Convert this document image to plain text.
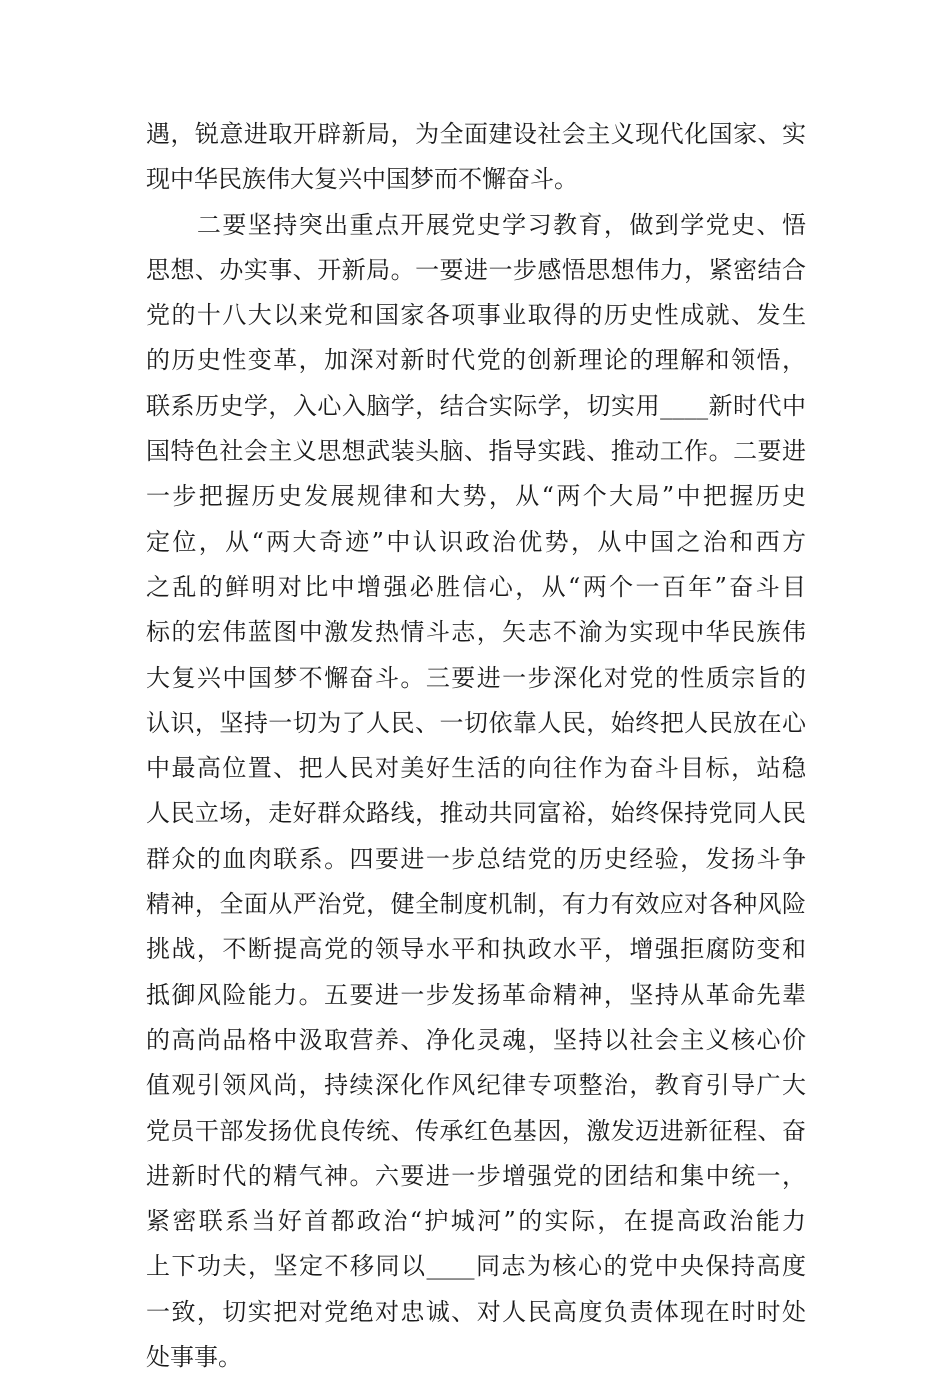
遇，锐意进取开辟新局，为全面建设社会主义现代化国家、实
现中华民族伟大复兴中国梦而不懈奋斗。
　　二要坚持突出重点开展党史学习教育，做到学党史、悟
思想、办实事、开新局。一要进一步感悟思想伟力，紧密结合
党的十八大以来党和国家各项事业取得的历史性成就、发生
的历史性变革，加深对新时代党的创新理论的理解和领悟，
联系历史学，入心入脑学，结合实际学，切实用____新时代中
国特色社会主义思想武装头脑、指导实践、推动工作。二要进
一步把握历史发展规律和大势，从“两个大局”中把握历史
定位，从“两大奇迹”中认识政治优势，从中国之治和西方
之乱的鲜明对比中增强必胜信心，从“两个一百年”奋斗目
标的宏伟蓝图中激发热情斗志，矢志不渝为实现中华民族伟
大复兴中国梦不懈奋斗。三要进一步深化对党的性质宗旨的
认识，坚持一切为了人民、一切依靠人民，始终把人民放在心
中最高位置、把人民对美好生活的向往作为奋斗目标，站稳
人民立场，走好群众路线，推动共同富裕，始终保持党同人民
群众的血肉联系。四要进一步总结党的历史经验，发扬斗争
精神，全面从严治党，健全制度机制，有力有效应对各种风险
挑战，不断提高党的领导水平和执政水平，增强拒腐防变和
抵御风险能力。五要进一步发扬革命精神，坚持从革命先辈
的高尚品格中汲取营养、净化灵魂，坚持以社会主义核心价
值观引领风尚，持续深化作风纪律专项整治，教育引导广大
党员干部发扬优良传统、传承红色基因，激发迈进新征程、奋
进新时代的精气神。六要进一步增强党的团结和集中统一，
紧密联系当好首都政治“护城河”的实际，在提高政治能力
上下功夫，坚定不移同以____同志为核心的党中央保持高度
一致，切实把对党绝对忠诚、对人民高度负责体现在时时处
处事事。
